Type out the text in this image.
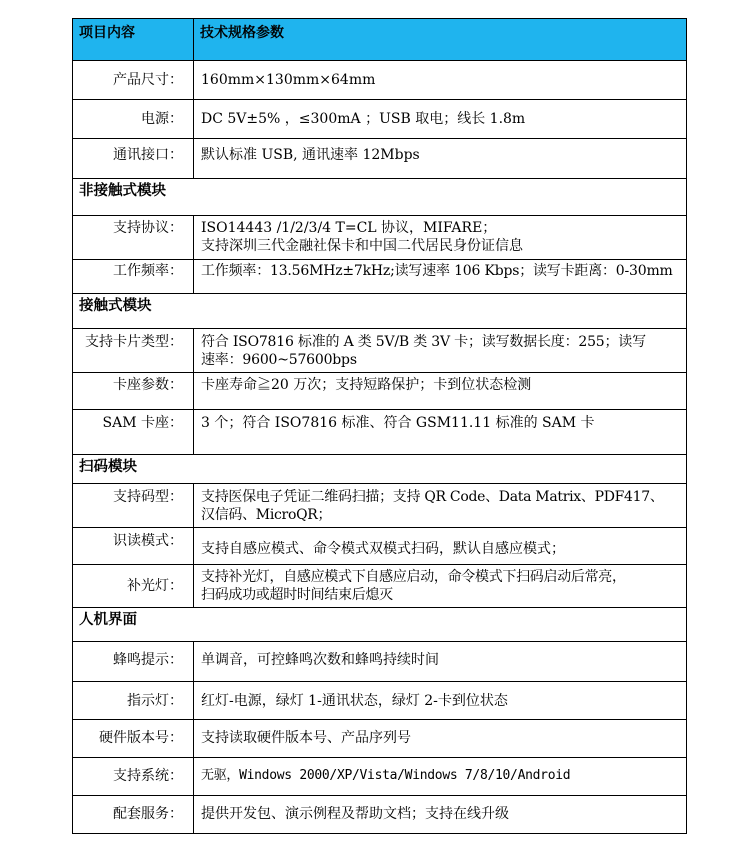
项目内容	技术规格参数
产品尺寸：	160mm×130mm×64mm
电源：	DC 5V±5% ，≤300mA ；USB 取电；线长 1.8m
通讯接口：	默认标准 USB, 通讯速率 12Mbps
非接触式模块	
支持协议：	ISO14443 /1/2/3/4 T=CL 协议，MIFARE；
支持深圳三代金融社保卡和中国二代居民身份证信息

工作频率：	工作频率：13.56MHz±7kHz;读写速率 106 Kbps；读写卡距离：0-30mm
接触式模块	
支持卡片类型：	符合 ISO7816 标准的 A 类 5V/B 类 3V 卡；读写数据长度：255；读写
速率：9600~57600bps

卡座参数：	卡座寿命≧20 万次；支持短路保护；卡到位状态检测
SAM 卡座：	3 个；符合 ISO7816 标准、符合 GSM11.11 标准的 SAM 卡
扫码模块	
支持码型：	支持医保电子凭证二维码扫描；支持 QR Code、Data Matrix、PDF417、
汉信码、MicroQR；

识读模式：	支持自感应模式、命令模式双模式扫码，默认自感应模式；
补光灯：	支持补光灯，自感应模式下自感应启动，命令模式下扫码启动后常亮，
扫码成功或超时时间结束后熄灭

人机界面	
蜂鸣提示：	单调音，可控蜂鸣次数和蜂鸣持续时间
指示灯：	红灯-电源，绿灯 1-通讯状态，绿灯 2-卡到位状态
硬件版本号：	支持读取硬件版本号、产品序列号
支持系统：	无驱，Windows 2000/XP/Vista/Windows 7/8/10/Android
配套服务：	提供开发包、演示例程及帮助文档；支持在线升级
